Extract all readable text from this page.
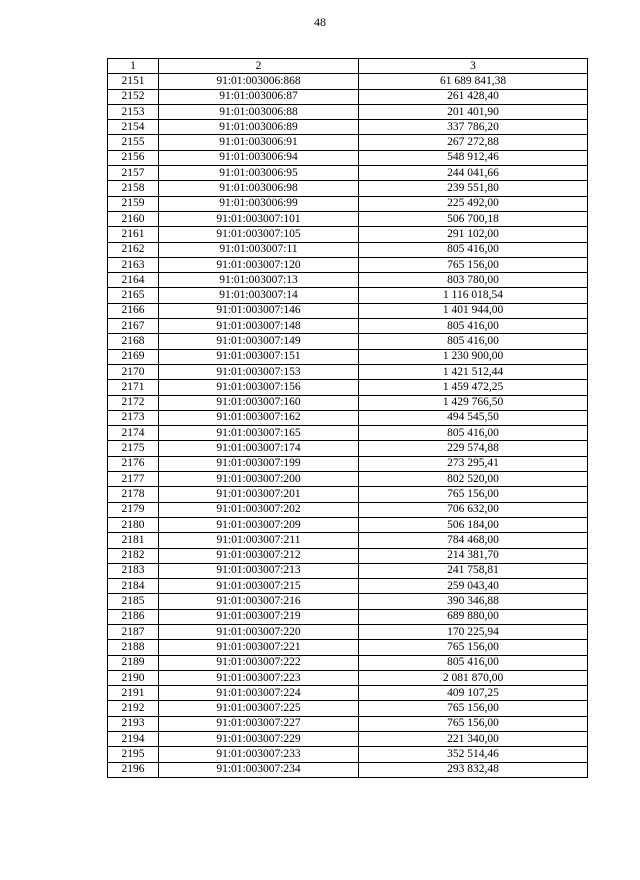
48
1	2	3
2151	91:01:003006:868	61 689 841,38
2152	91:01:003006:87	261 428,40
2153	91:01:003006:88	201 401,90
2154	91:01:003006:89	337 786,20
2155	91:01:003006:91	267 272,88
2156	91:01:003006:94	548 912,46
2157	91:01:003006:95	244 041,66
2158	91:01:003006:98	239 551,80
2159	91:01:003006:99	225 492,00
2160	91:01:003007:101	506 700,18
2161	91:01:003007:105	291 102,00
2162	91:01:003007:11	805 416,00
2163	91:01:003007:120	765 156,00
2164	91:01:003007:13	803 780,00
2165	91:01:003007:14	1 116 018,54
2166	91:01:003007:146	1 401 944,00
2167	91:01:003007:148	805 416,00
2168	91:01:003007:149	805 416,00
2169	91:01:003007:151	1 230 900,00
2170	91:01:003007:153	1 421 512,44
2171	91:01:003007:156	1 459 472,25
2172	91:01:003007:160	1 429 766,50
2173	91:01:003007:162	494 545,50
2174	91:01:003007:165	805 416,00
2175	91:01:003007:174	229 574,88
2176	91:01:003007:199	273 295,41
2177	91:01:003007:200	802 520,00
2178	91:01:003007:201	765 156,00
2179	91:01:003007:202	706 632,00
2180	91:01:003007:209	506 184,00
2181	91:01:003007:211	784 468,00
2182	91:01:003007:212	214 381,70
2183	91:01:003007:213	241 758,81
2184	91:01:003007:215	259 043,40
2185	91:01:003007:216	390 346,88
2186	91:01:003007:219	689 880,00
2187	91:01:003007:220	170 225,94
2188	91:01:003007:221	765 156,00
2189	91:01:003007:222	805 416,00
2190	91:01:003007:223	2 081 870,00
2191	91:01:003007:224	409 107,25
2192	91:01:003007:225	765 156,00
2193	91:01:003007:227	765 156,00
2194	91:01:003007:229	221 340,00
2195	91:01:003007:233	352 514,46
2196	91:01:003007:234	293 832,48
